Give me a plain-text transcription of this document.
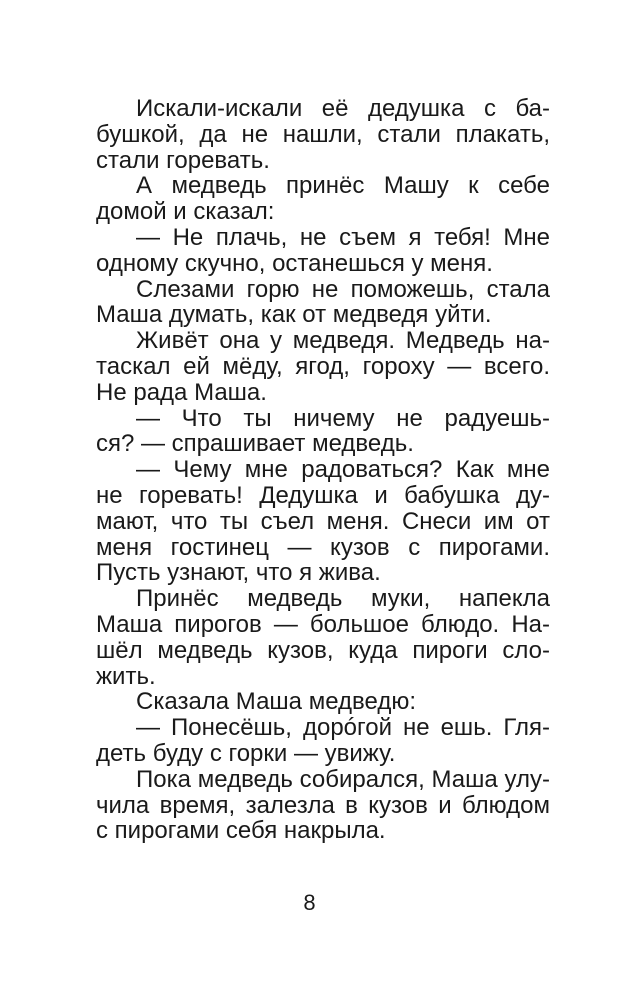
Искали-искали её дедушка с ба-
бушкой, да не нашли, стали плакать,
стали горевать.
А медведь принёс Машу к себе
домой и сказал:
— Не плачь, не съем я тебя! Мне
одному скучно, останешься у меня.
Слезами горю не поможешь, стала
Маша думать, как от медведя уйти.
Живёт она у медведя. Медведь на-
таскал ей мёду, ягод, гороху — всего.
Не рада Маша.
— Что ты ничему не радуешь-
ся? — спрашивает медведь.
— Чему мне радоваться? Как мне
не горевать! Дедушка и бабушка ду-
мают, что ты съел меня. Снеси им от
меня гостинец — кузов с пирогами.
Пусть узнают, что я жива.
Принёс медведь муки, напекла
Маша пирогов — большое блюдо. На-
шёл медведь кузов, куда пироги сло-
жить.
Сказала Маша медведю:
— Понесёшь, дорóгой не ешь. Гля-
деть буду с горки — увижу.
Пока медведь собирался, Маша улу-
чила время, залезла в кузов и блюдом
с пирогами себя накрыла.
8
